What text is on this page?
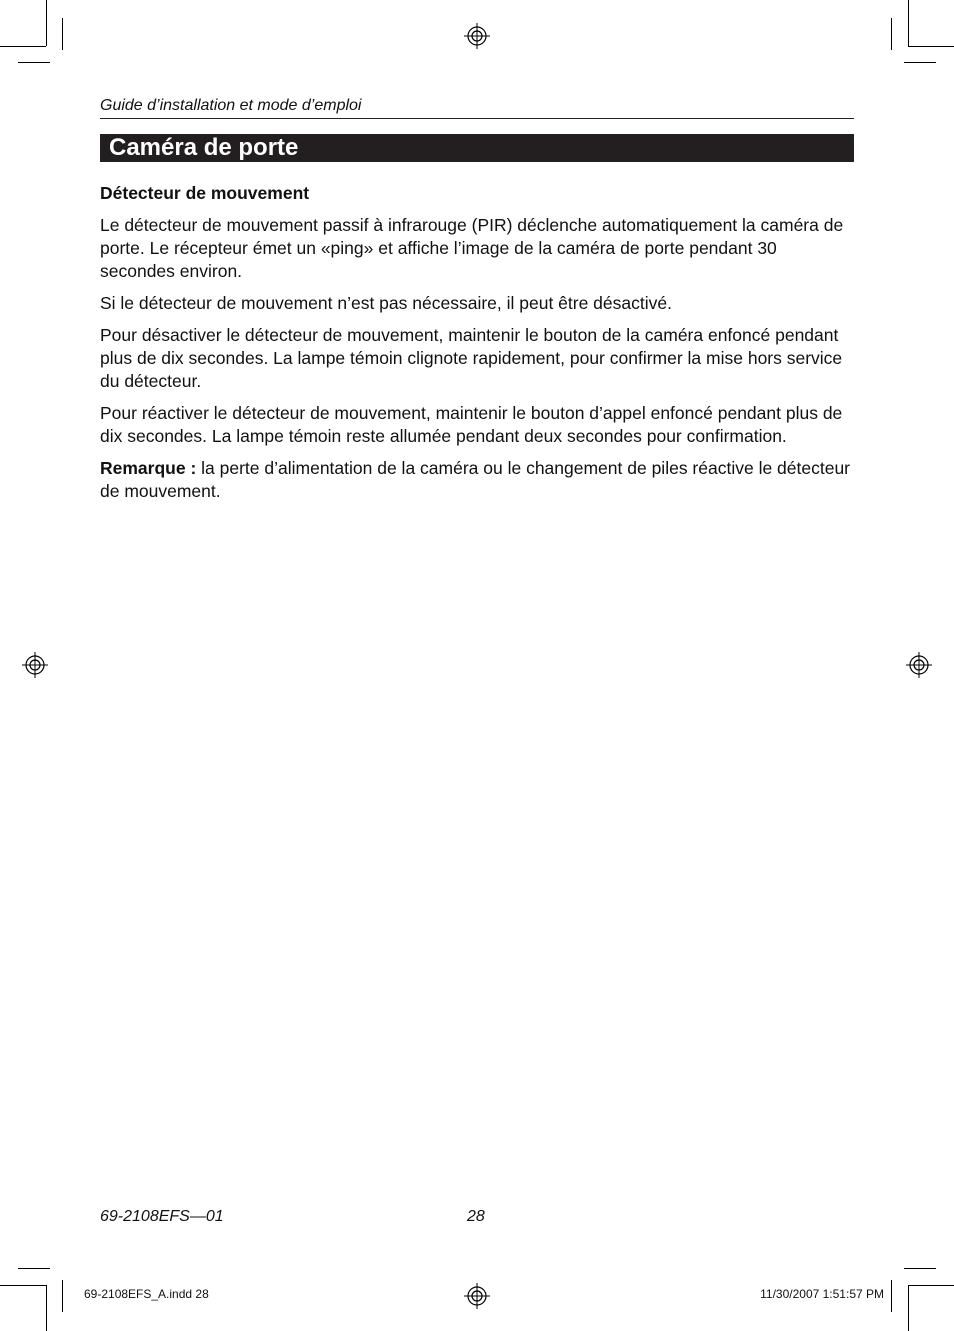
Guide d’installation et mode d’emploi
Caméra de porte
Détecteur de mouvement

Le détecteur de mouvement passif à infrarouge (PIR) déclenche automatiquement la caméra de porte. Le récepteur émet un «ping» et affiche l’image de la caméra de porte pendant 30 secondes environ.

Si le détecteur de mouvement n’est pas nécessaire, il peut être désactivé.

Pour désactiver le détecteur de mouvement, maintenir le bouton de la caméra enfoncé pendant plus de dix secondes. La lampe témoin clignote rapidement, pour confirmer la mise hors service du détecteur.

Pour réactiver le détecteur de mouvement, maintenir le bouton d’appel enfoncé pendant plus de dix secondes. La lampe témoin reste allumée pendant deux secondes pour confirmation.

Remarque : la perte d’alimentation de la caméra ou le changement de piles réactive le détecteur de mouvement.

69-2108EFS—01	28
69-2108EFS_A.indd 28	11/30/2007 1:51:57 PM
